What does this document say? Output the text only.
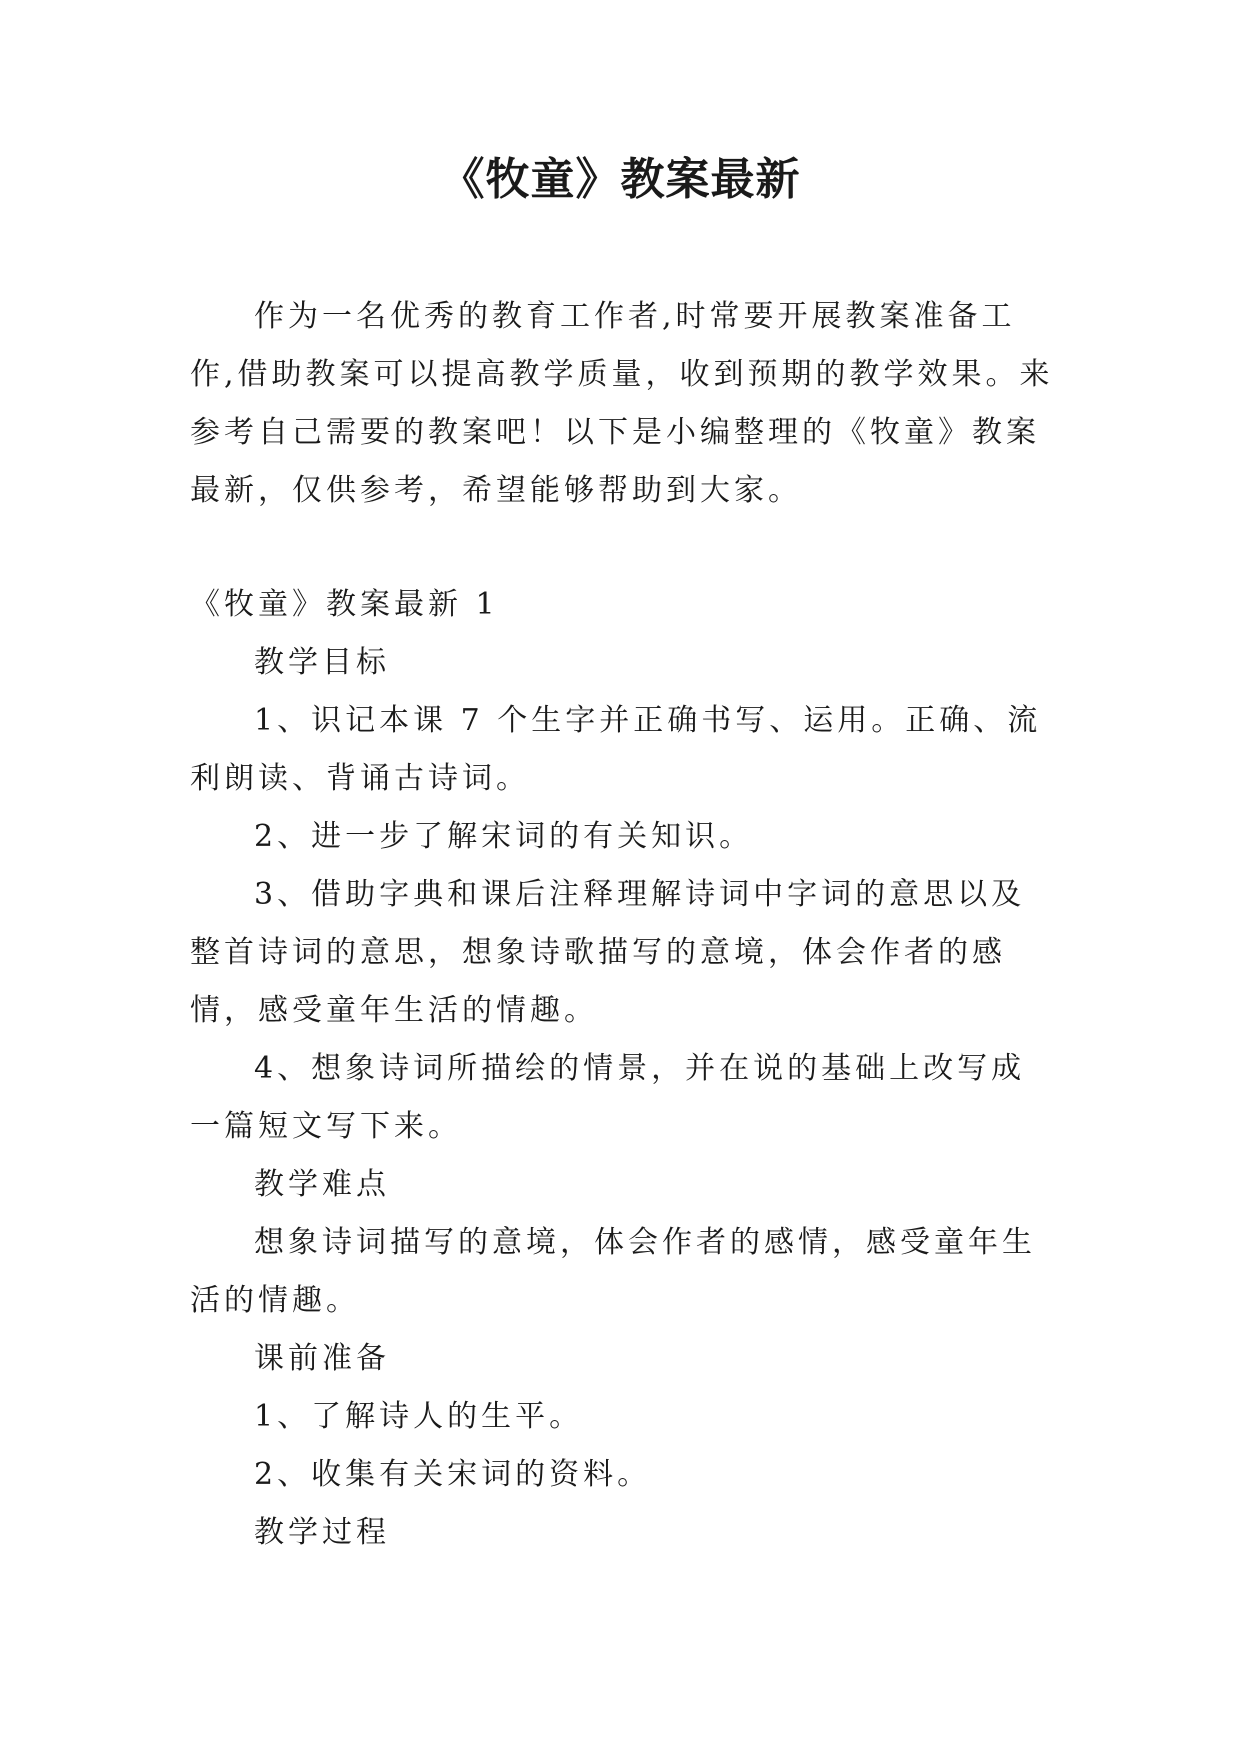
《牧童》教案最新
作为一名优秀的教育工作者,时常要开展教案准备工作,借助教案可以提高教学质量，收到预期的教学效果。来参考自己需要的教案吧！以下是小编整理的《牧童》教案最新，仅供参考，希望能够帮助到大家。

《牧童》教案最新 1

教学目标

1、识记本课 7 个生字并正确书写、运用。正确、流利朗读、背诵古诗词。

2、进一步了解宋词的有关知识。

3、借助字典和课后注释理解诗词中字词的意思以及整首诗词的意思，想象诗歌描写的意境，体会作者的感情，感受童年生活的情趣。

4、想象诗词所描绘的情景，并在说的基础上改写成一篇短文写下来。

教学难点

想象诗词描写的意境，体会作者的感情，感受童年生活的情趣。

课前准备

1、了解诗人的生平。

2、收集有关宋词的资料。

教学过程
